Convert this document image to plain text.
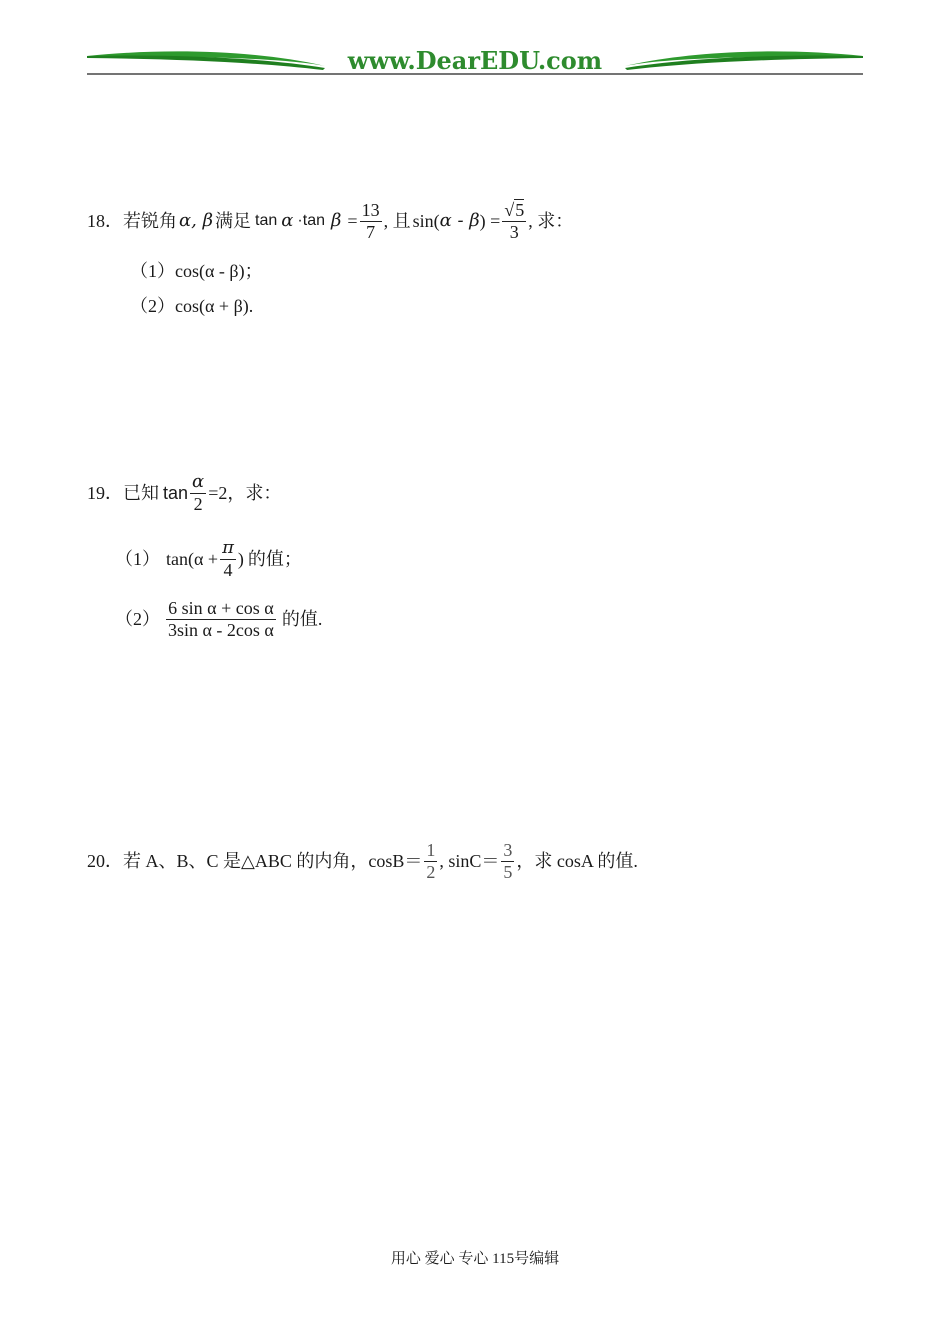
www.DearEDU.com
18． 若锐角 α, β 满足 tan α ·tan $\beta = \frac{13}{7}$ , 且 sin( α - β ) = $\frac{√5}{3}$ , 求：
（1）cos(α - β)；
（2）cos(α + β).
19． 已知 $\tan \frac{\alpha}{2} =2$，求：
（1） $\tan(\alpha + \frac{\pi}{4}$ ) 的值；
$(2) \frac{\text{6 sin α + cos α}}{\text{3sin α - 2cos α}}$ 的值.
20． 若 A、B、C 是△ABC 的内角，$\cos B= \frac{1}{2}$ , $\sin C= \frac{3}{5}$ ，求 cosA 的值.
用心 爱心 专心 115号编辑
